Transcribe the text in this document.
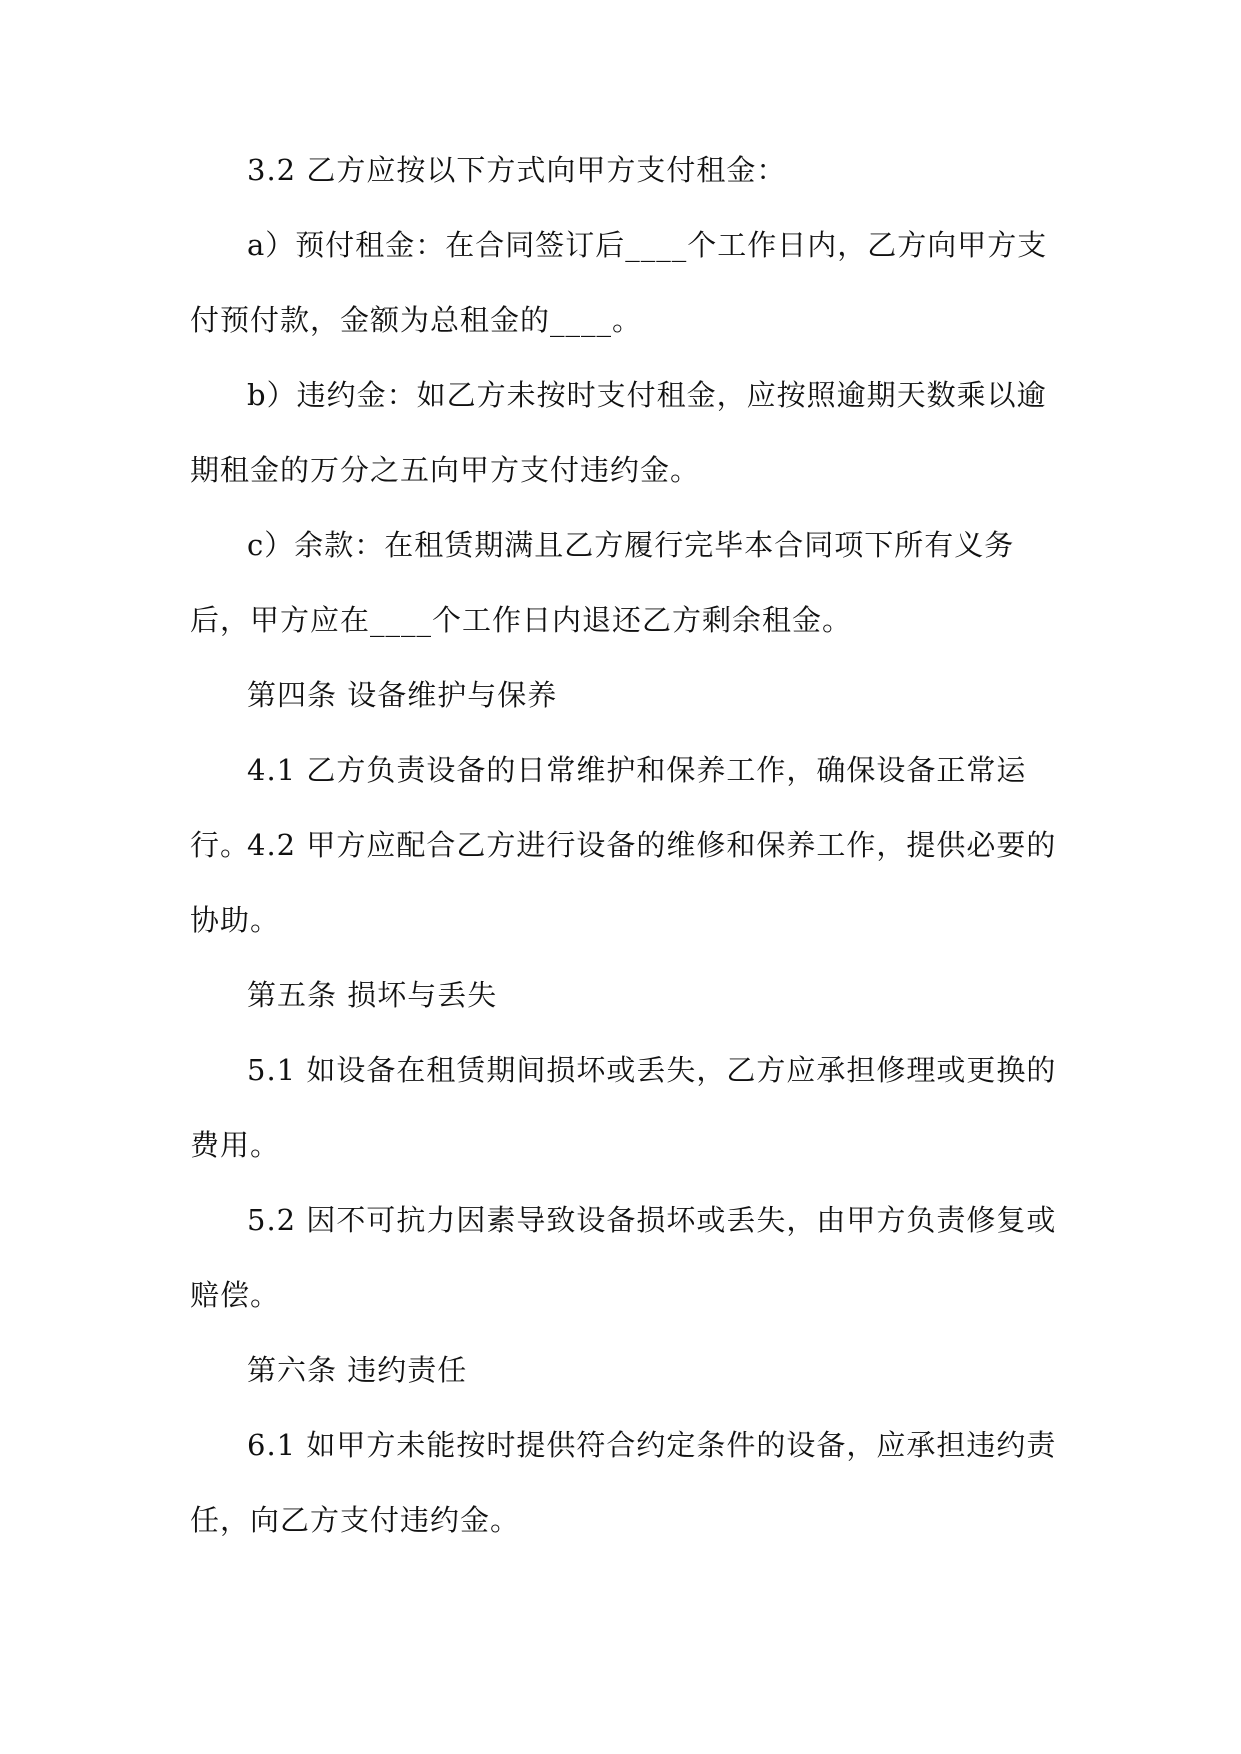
3.2 乙方应按以下方式向甲方支付租金：

a）预付租金：在合同签订后____个工作日内，乙方向甲方支付预付款，金额为总租金的____。

b）违约金：如乙方未按时支付租金，应按照逾期天数乘以逾期租金的万分之五向甲方支付违约金。

c）余款：在租赁期满且乙方履行完毕本合同项下所有义务后，甲方应在____个工作日内退还乙方剩余租金。

第四条 设备维护与保养

4.1 乙方负责设备的日常维护和保养工作，确保设备正常运行。

4.2 甲方应配合乙方进行设备的维修和保养工作，提供必要的协助。

第五条 损坏与丢失

5.1 如设备在租赁期间损坏或丢失，乙方应承担修理或更换的费用。

5.2 因不可抗力因素导致设备损坏或丢失，由甲方负责修复或赔偿。

第六条 违约责任

6.1 如甲方未能按时提供符合约定条件的设备，应承担违约责任，向乙方支付违约金。
